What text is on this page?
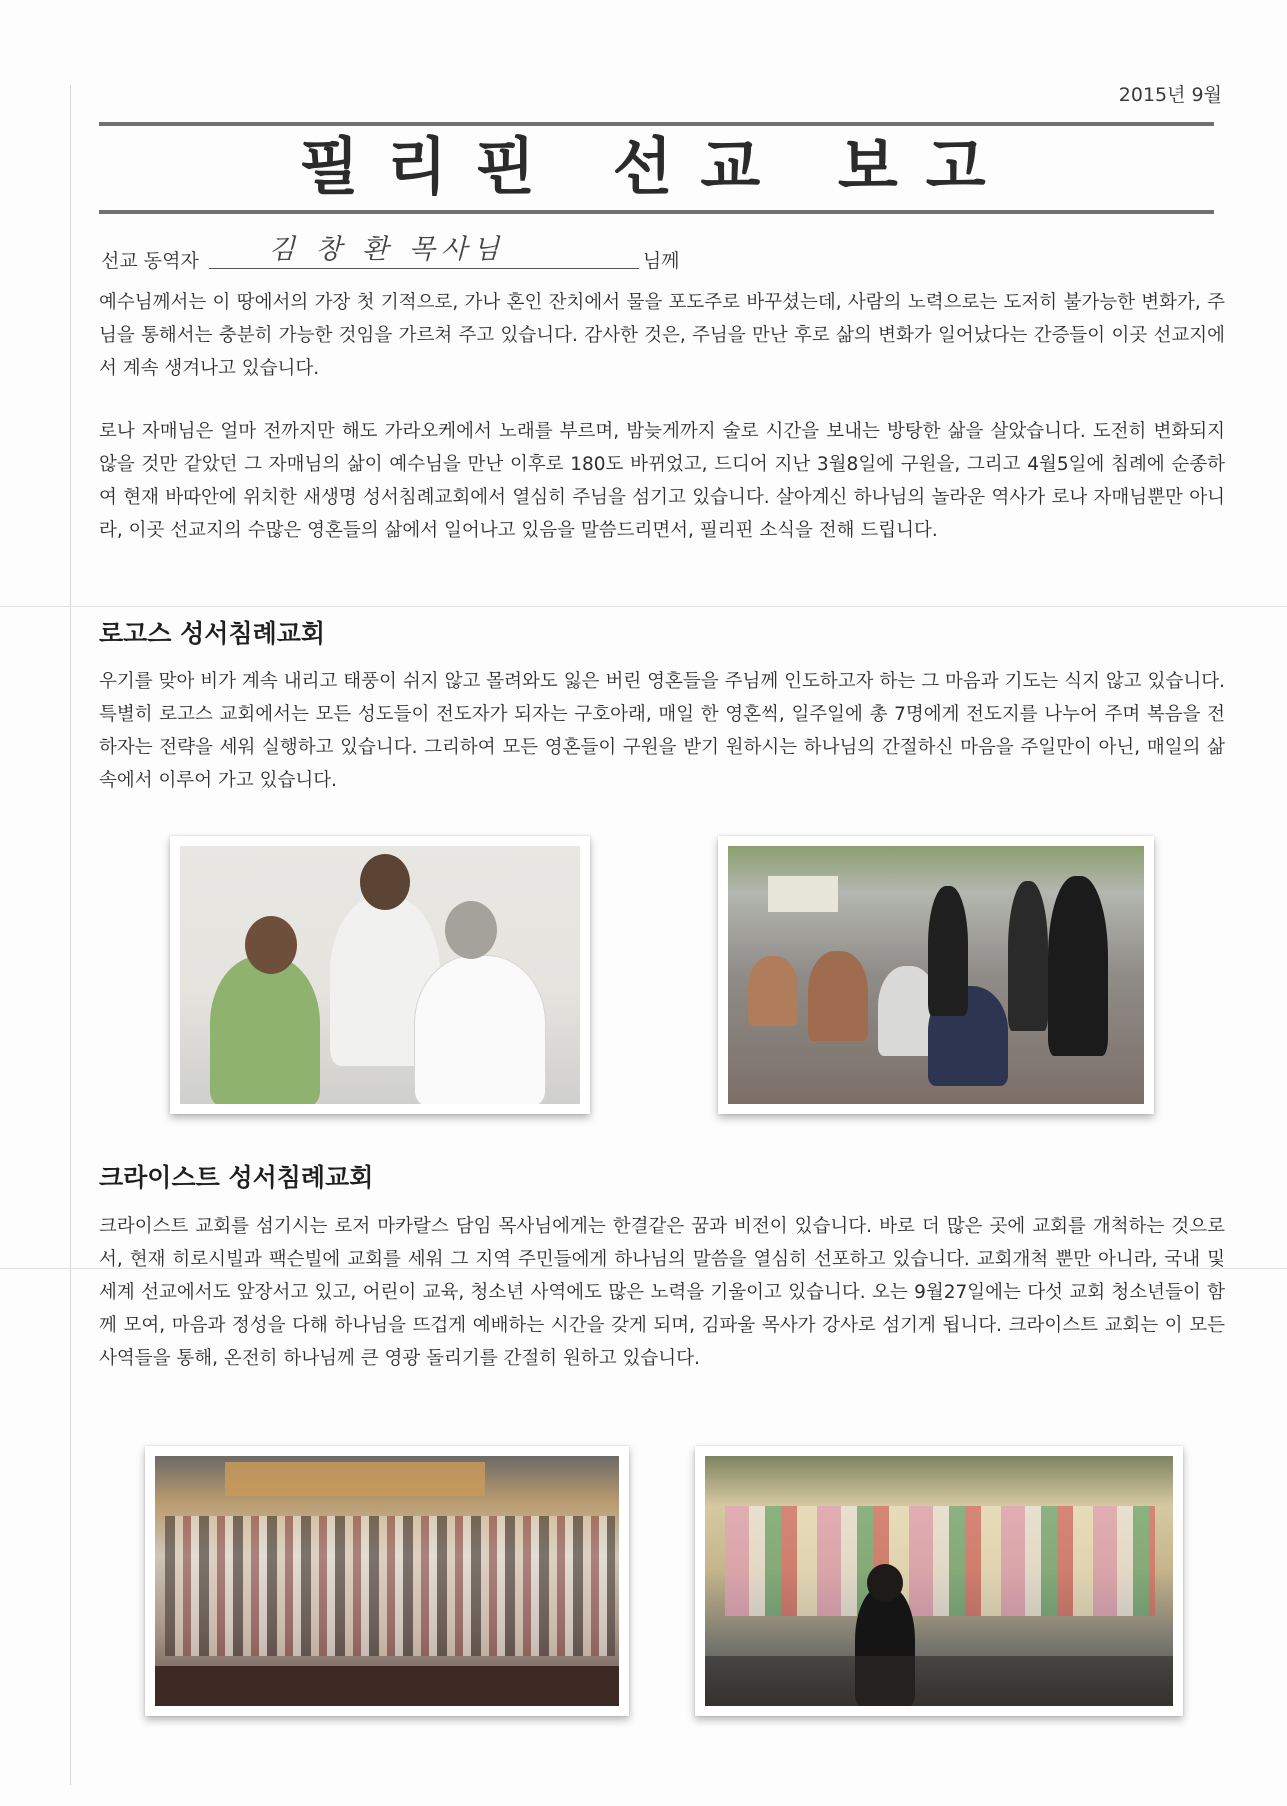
2015년 9월
필리핀 선교 보고
선교 동역자	김 창 환 목사님	님께
예수님께서는 이 땅에서의 가장 첫 기적으로, 가나 혼인 잔치에서 물을 포도주로 바꾸셨는데, 사람의 노력으로는 도저히 불가능한 변화가, 주님을 통해서는 충분히 가능한 것임을 가르쳐 주고 있습니다. 감사한 것은, 주님을 만난 후로 삶의 변화가 일어났다는 간증들이 이곳 선교지에서 계속 생겨나고 있습니다.
로나 자매님은 얼마 전까지만 해도 가라오케에서 노래를 부르며, 밤늦게까지 술로 시간을 보내는 방탕한 삶을 살았습니다. 도전히 변화되지 않을 것만 같았던 그 자매님의 삶이 예수님을 만난 이후로 180도 바뀌었고, 드디어 지난 3월8일에 구원을, 그리고 4월5일에 침례에 순종하여 현재 바따안에 위치한 새생명 성서침례교회에서 열심히 주님을 섬기고 있습니다. 살아계신 하나님의 놀라운 역사가 로나 자매님뿐만 아니라, 이곳 선교지의 수많은 영혼들의 삶에서 일어나고 있음을 말씀드리면서, 필리핀 소식을 전해 드립니다.
로고스 성서침례교회
우기를 맞아 비가 계속 내리고 태풍이 쉬지 않고 몰려와도 잃은 버린 영혼들을 주님께 인도하고자 하는 그 마음과 기도는 식지 않고 있습니다. 특별히 로고스 교회에서는 모든 성도들이 전도자가 되자는 구호아래, 매일 한 영혼씩, 일주일에 총 7명에게 전도지를 나누어 주며 복음을 전하자는 전략을 세워 실행하고 있습니다. 그리하여 모든 영혼들이 구원을 받기 원하시는 하나님의 간절하신 마음을 주일만이 아닌, 매일의 삶속에서 이루어 가고 있습니다.
크라이스트 성서침례교회
크라이스트 교회를 섬기시는 로저 마카랄스 담임 목사님에게는 한결같은 꿈과 비전이 있습니다. 바로 더 많은 곳에 교회를 개척하는 것으로서, 현재 히로시빌과 팩슨빌에 교회를 세워 그 지역 주민들에게 하나님의 말씀을 열심히 선포하고 있습니다. 교회개척 뿐만 아니라, 국내 및 세계 선교에서도 앞장서고 있고, 어린이 교육, 청소년 사역에도 많은 노력을 기울이고 있습니다. 오는 9월27일에는 다섯 교회 청소년들이 함께 모여, 마음과 정성을 다해 하나님을 뜨겁게 예배하는 시간을 갖게 되며, 김파울 목사가 강사로 섬기게 됩니다. 크라이스트 교회는 이 모든 사역들을 통해, 온전히 하나님께 큰 영광 돌리기를 간절히 원하고 있습니다.
